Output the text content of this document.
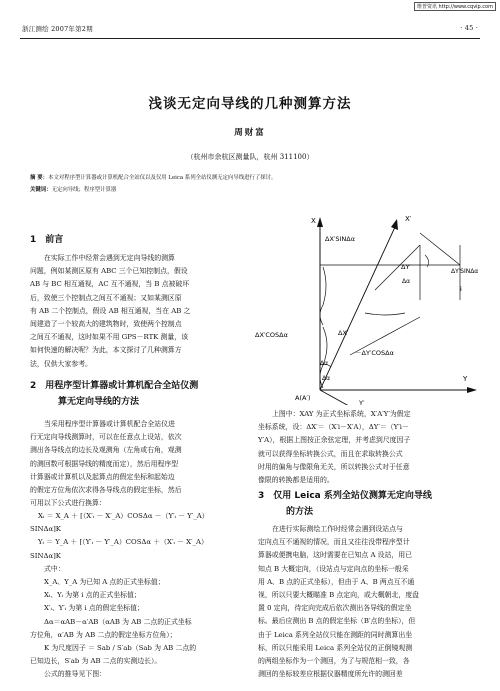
维普资讯 http://www.cqvip.com
浙江测绘 2007年第2期	· 45 ·
浅谈无定向导线的几种测算方法
周财富
（杭州市余杭区测量队，杭州 311100）
摘 要：本文对程序型计算器或计算机配合全站仪以及仅用 Leica 系列全站仪测无定向导线进行了探讨。
关键词：无定向导线；程序型计算器
1　前言
在实际工作中经常会遇到无定向导线的测算
问题，例如某测区原有 ABC 三个已知控制点，假设
AB 与 BC 相互通视，AC 互不通视，当 B 点被破坏
后，致使三个控制点之间互不通视；又如某测区原
有 AB 二个控制点，假设 AB 相互通视，当在 AB 之
间建造了一个较高大的建筑物时，致使两个控制点
之间互不通视，这时如果不用 GPS－RTK 测量，该
如何快速的解决呢？为此，本文探讨了几种测算方
法，仅供大家参考。
2　用程序型计算器或计算机配合全站仪测
算无定向导线的方法
当采用程序型计算器或计算机配合全站仪进
行无定向导线测算时，可以在任意点上设站，依次
测出各导线点的边长及观测角（左角或右角，观测
的测回数可根据导线的精度而定），然后用程序型
计算器或计算机以及起算点的假定坐标和起始边
的假定方位角依次求得各导线点的假定坐标，然后
可用以下公式进行换算：
Xᵢ ＝ X_A ＋ [（X′ᵢ － X′_A）COSΔα －（Y′ᵢ － Y′_A）
SINΔα]K
Yᵢ ＝ Y_A ＋ [（Y′ᵢ － Y′_A）COSΔα ＋（X′ᵢ － X′_A）
SINΔα]K
式中：
X_A、Y_A 为已知 A 点的正式坐标值；
Xᵢ、Yᵢ 为第 i 点的正式坐标值；
X′ᵢ、Y′ᵢ 为第 i 点的假定坐标值；
Δα＝αAB－α′AB（αAB 为 AB 二点的正式坐标
方位角，α′AB 为 AB 二点的假定坐标方位角）；
K 为尺度因子 ＝ Sab / S′ab（Sab 为 AB 二点的
已知边长，S′ab 为 AB 二点的实测边长）。
公式的推导见下图：
X	X′
ΔX′SINΔα
ΔY′
ΔY′SINΔα
Δα
i
ΔX′COSΔα	ΔX′
－ΔY′COSΔα
Δα
Δα	Y
A(A′)
Y′
上图中：XAY 为正式坐标系统，X′A′Y′为假定
坐标系统，设：ΔX′＝（X′i－X′A），ΔY′＝（Y′i－
Y′A），根据上图按正余弦定理，并考虑到尺度因子
就可以获得坐标转换公式，而且在求取转换公式
时用的偏角与像限角无关，所以转换公式对于任意
像限的转换都是适用的。
3　仅用 Leica 系列全站仪测算无定向导线
的方法
在进行实际测绘工作时经常会遇到设站点与
定向点互不通视的情况，而且又往往没带程序型计
算器或便携电脑，这时需要在已知点 A 设站，用已
知点 B 大概定向，（设站点与定向点的坐标一般采
用 A、B 点的正式坐标），但由于 A、B 两点互不通
视，所以只要大概瞄准 B 点定向，或大概朝北，度盘
置 0 定向，待定向完成后依次测出各导线的假定坐
标。最后应测出 B 点的假定坐标（B′点的坐标），但
由于 Leica 系列全站仪只能在测距的同时测算出坐
标，所以只能采用 Leica 系列全站仪的正倒镜观测
的两组坐标作为一个测回，为了与规范相一致，各
测回的坐标较差应根据仪器精度所允许的测回差
